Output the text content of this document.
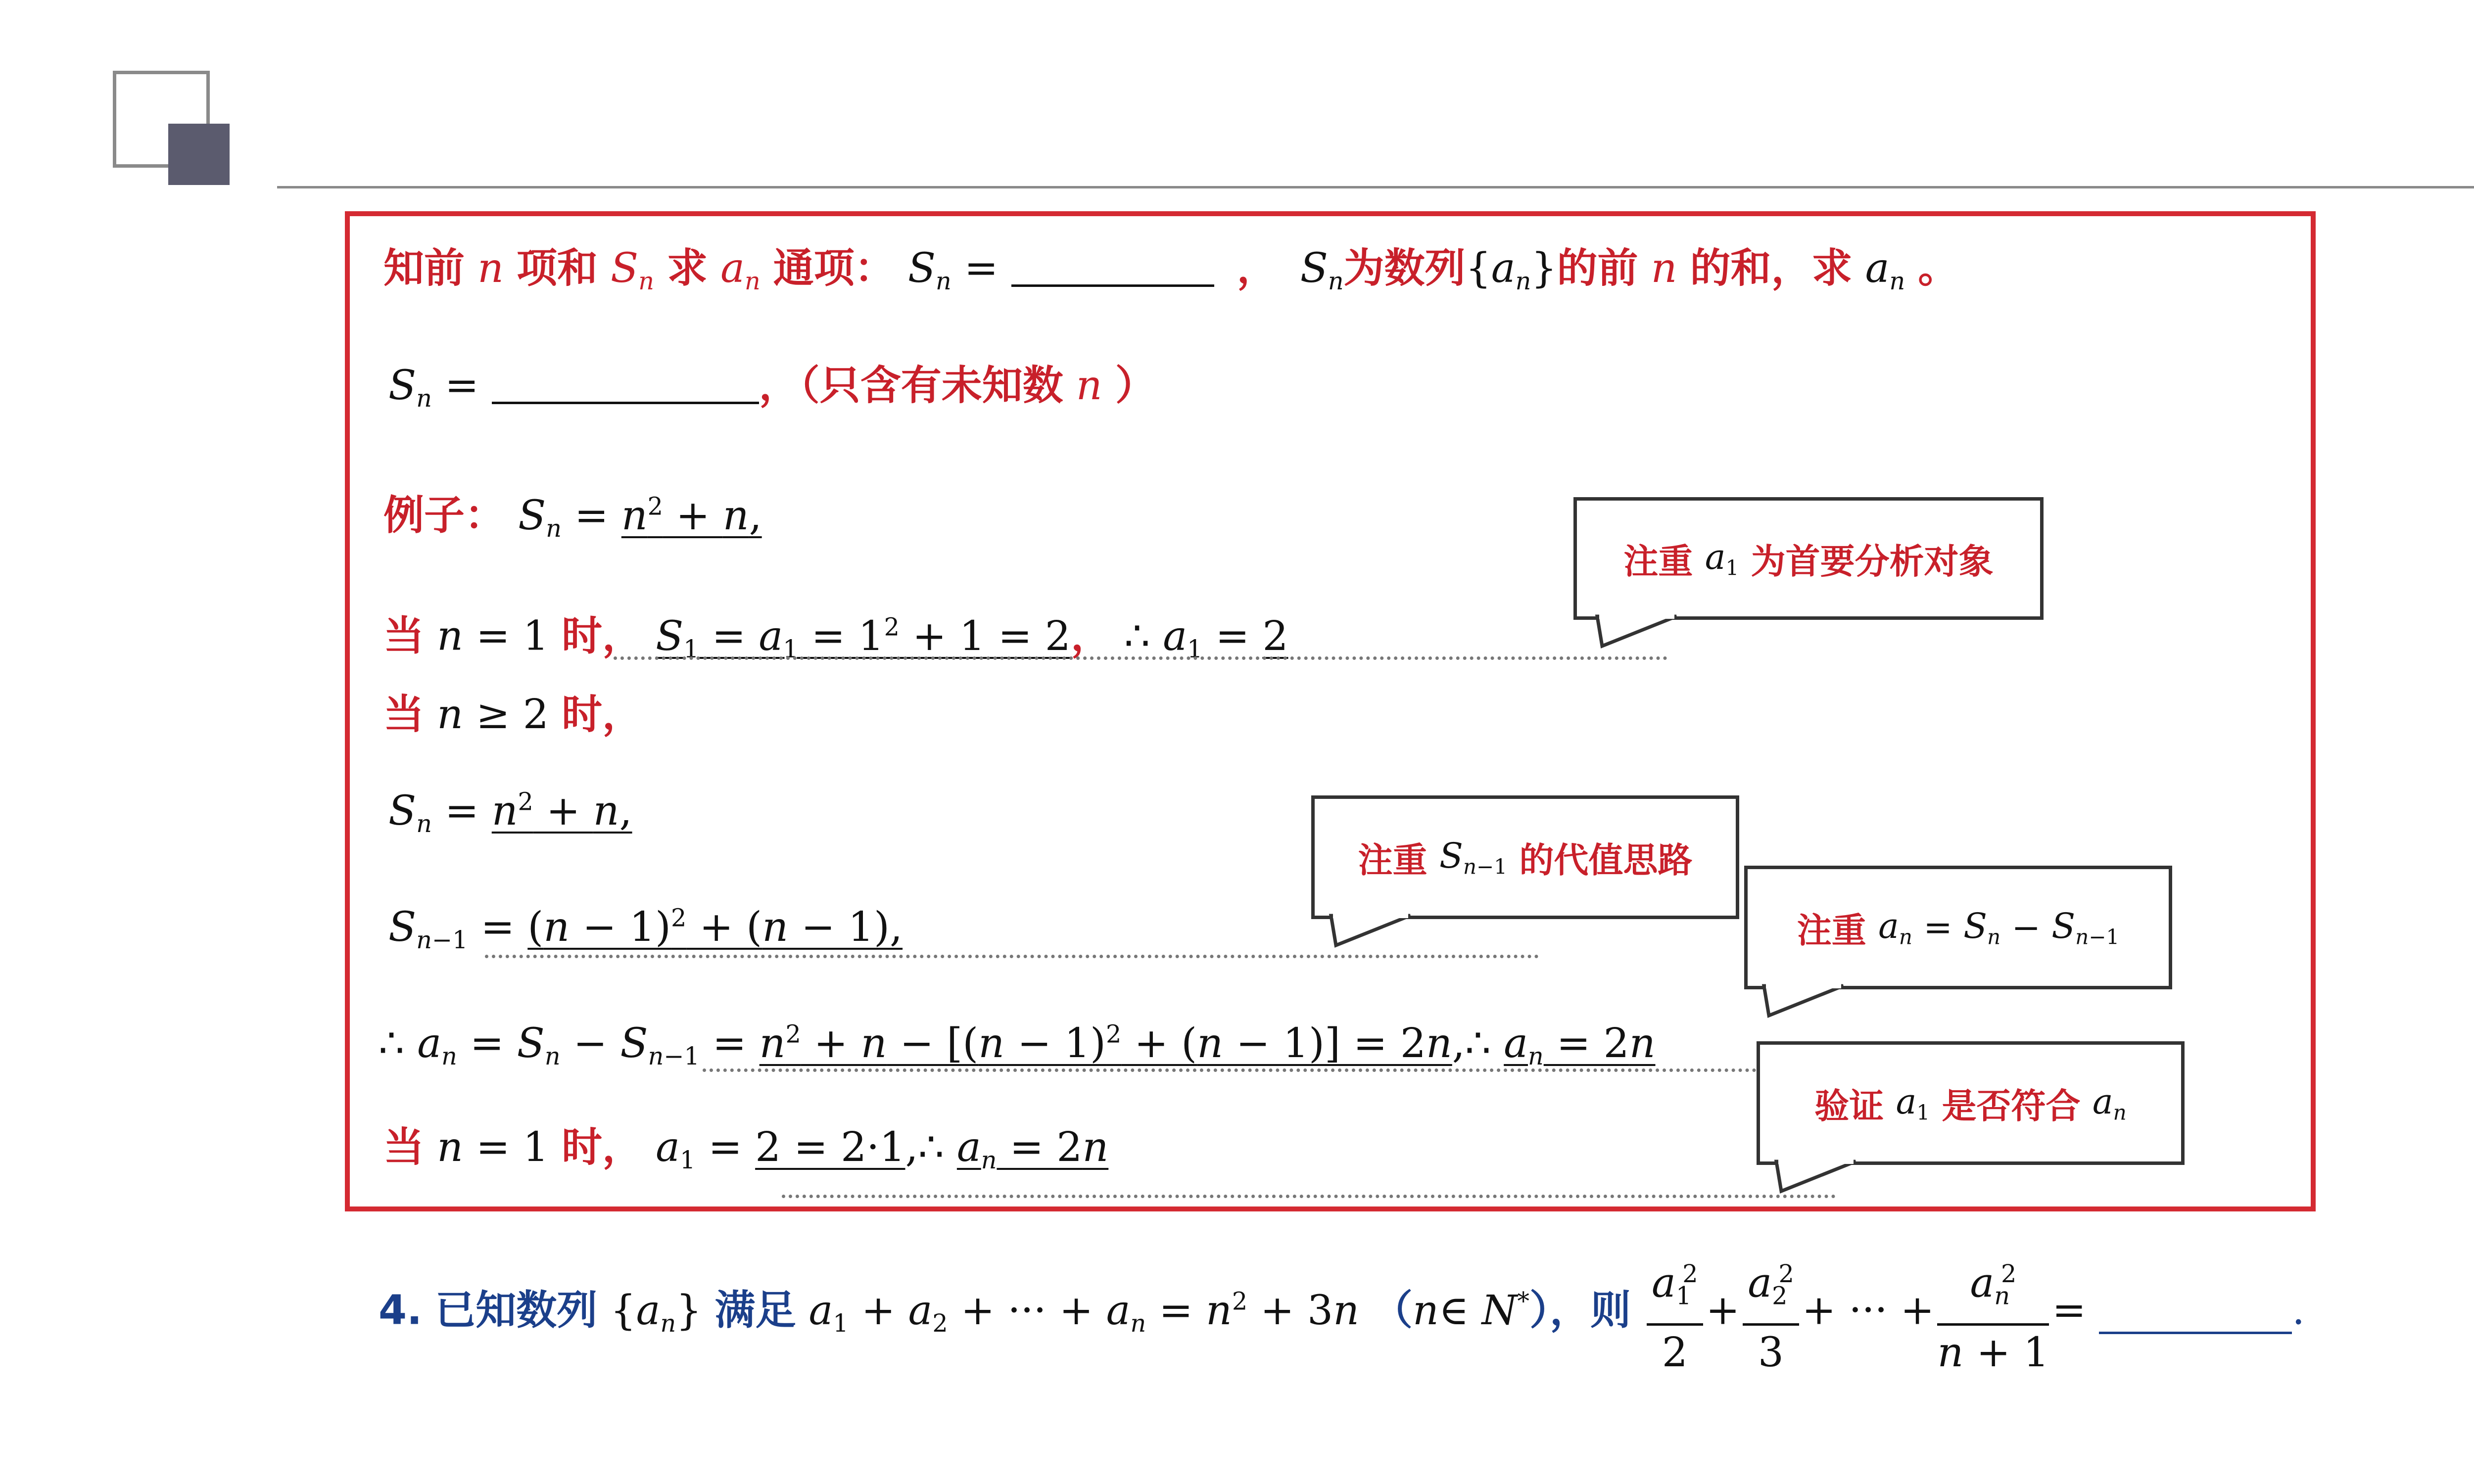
知前 n 项和 $S_n$ 求 $a_n$ 通项： $S_n$ =	， $S_n$为数列$\{a_n\}$的前 n 的和，求 $a_n$ 。
$S_n$ =	，（只含有未知数 n ）
例子： $S_n = n^2 + n$,
当 n = 1 时， $S_1 = a_1 = 1^2 + 1 = 2$， ∴ $a_1 = 2$
当 n ≥ 2 时，
$S_n = n^2 + n$,
$S_{n-1} = (n - 1)^2 + (n - 1)$,
∴ $a_n = S_n - S_{n-1} = n^2 + n - [(n - 1)^2 + (n - 1)]$ = 2n,∴ $a_n = 2n$
当 n = 1 时， $a_1 = 2$ = 2·1,∴ $a_n = 2n$
注重
$a_1$
为首要分析对象
注重
$S_{n-1}$
的代值思路
注重
$a_n = S_n - S_{n-1}$
验证
$a_1$
是否符合
$a_n$
4. 已知数列 $\{a_n\}$ 满足 $a_1 + a_2$ + ··· + $a_n = n^2 + 3n$ （n∈ N*），则 $\frac{a_1^2}{2} + \frac{a_2^2}{3}$ + ··· + $\frac{a_n^2}{n + 1}$ =	.
